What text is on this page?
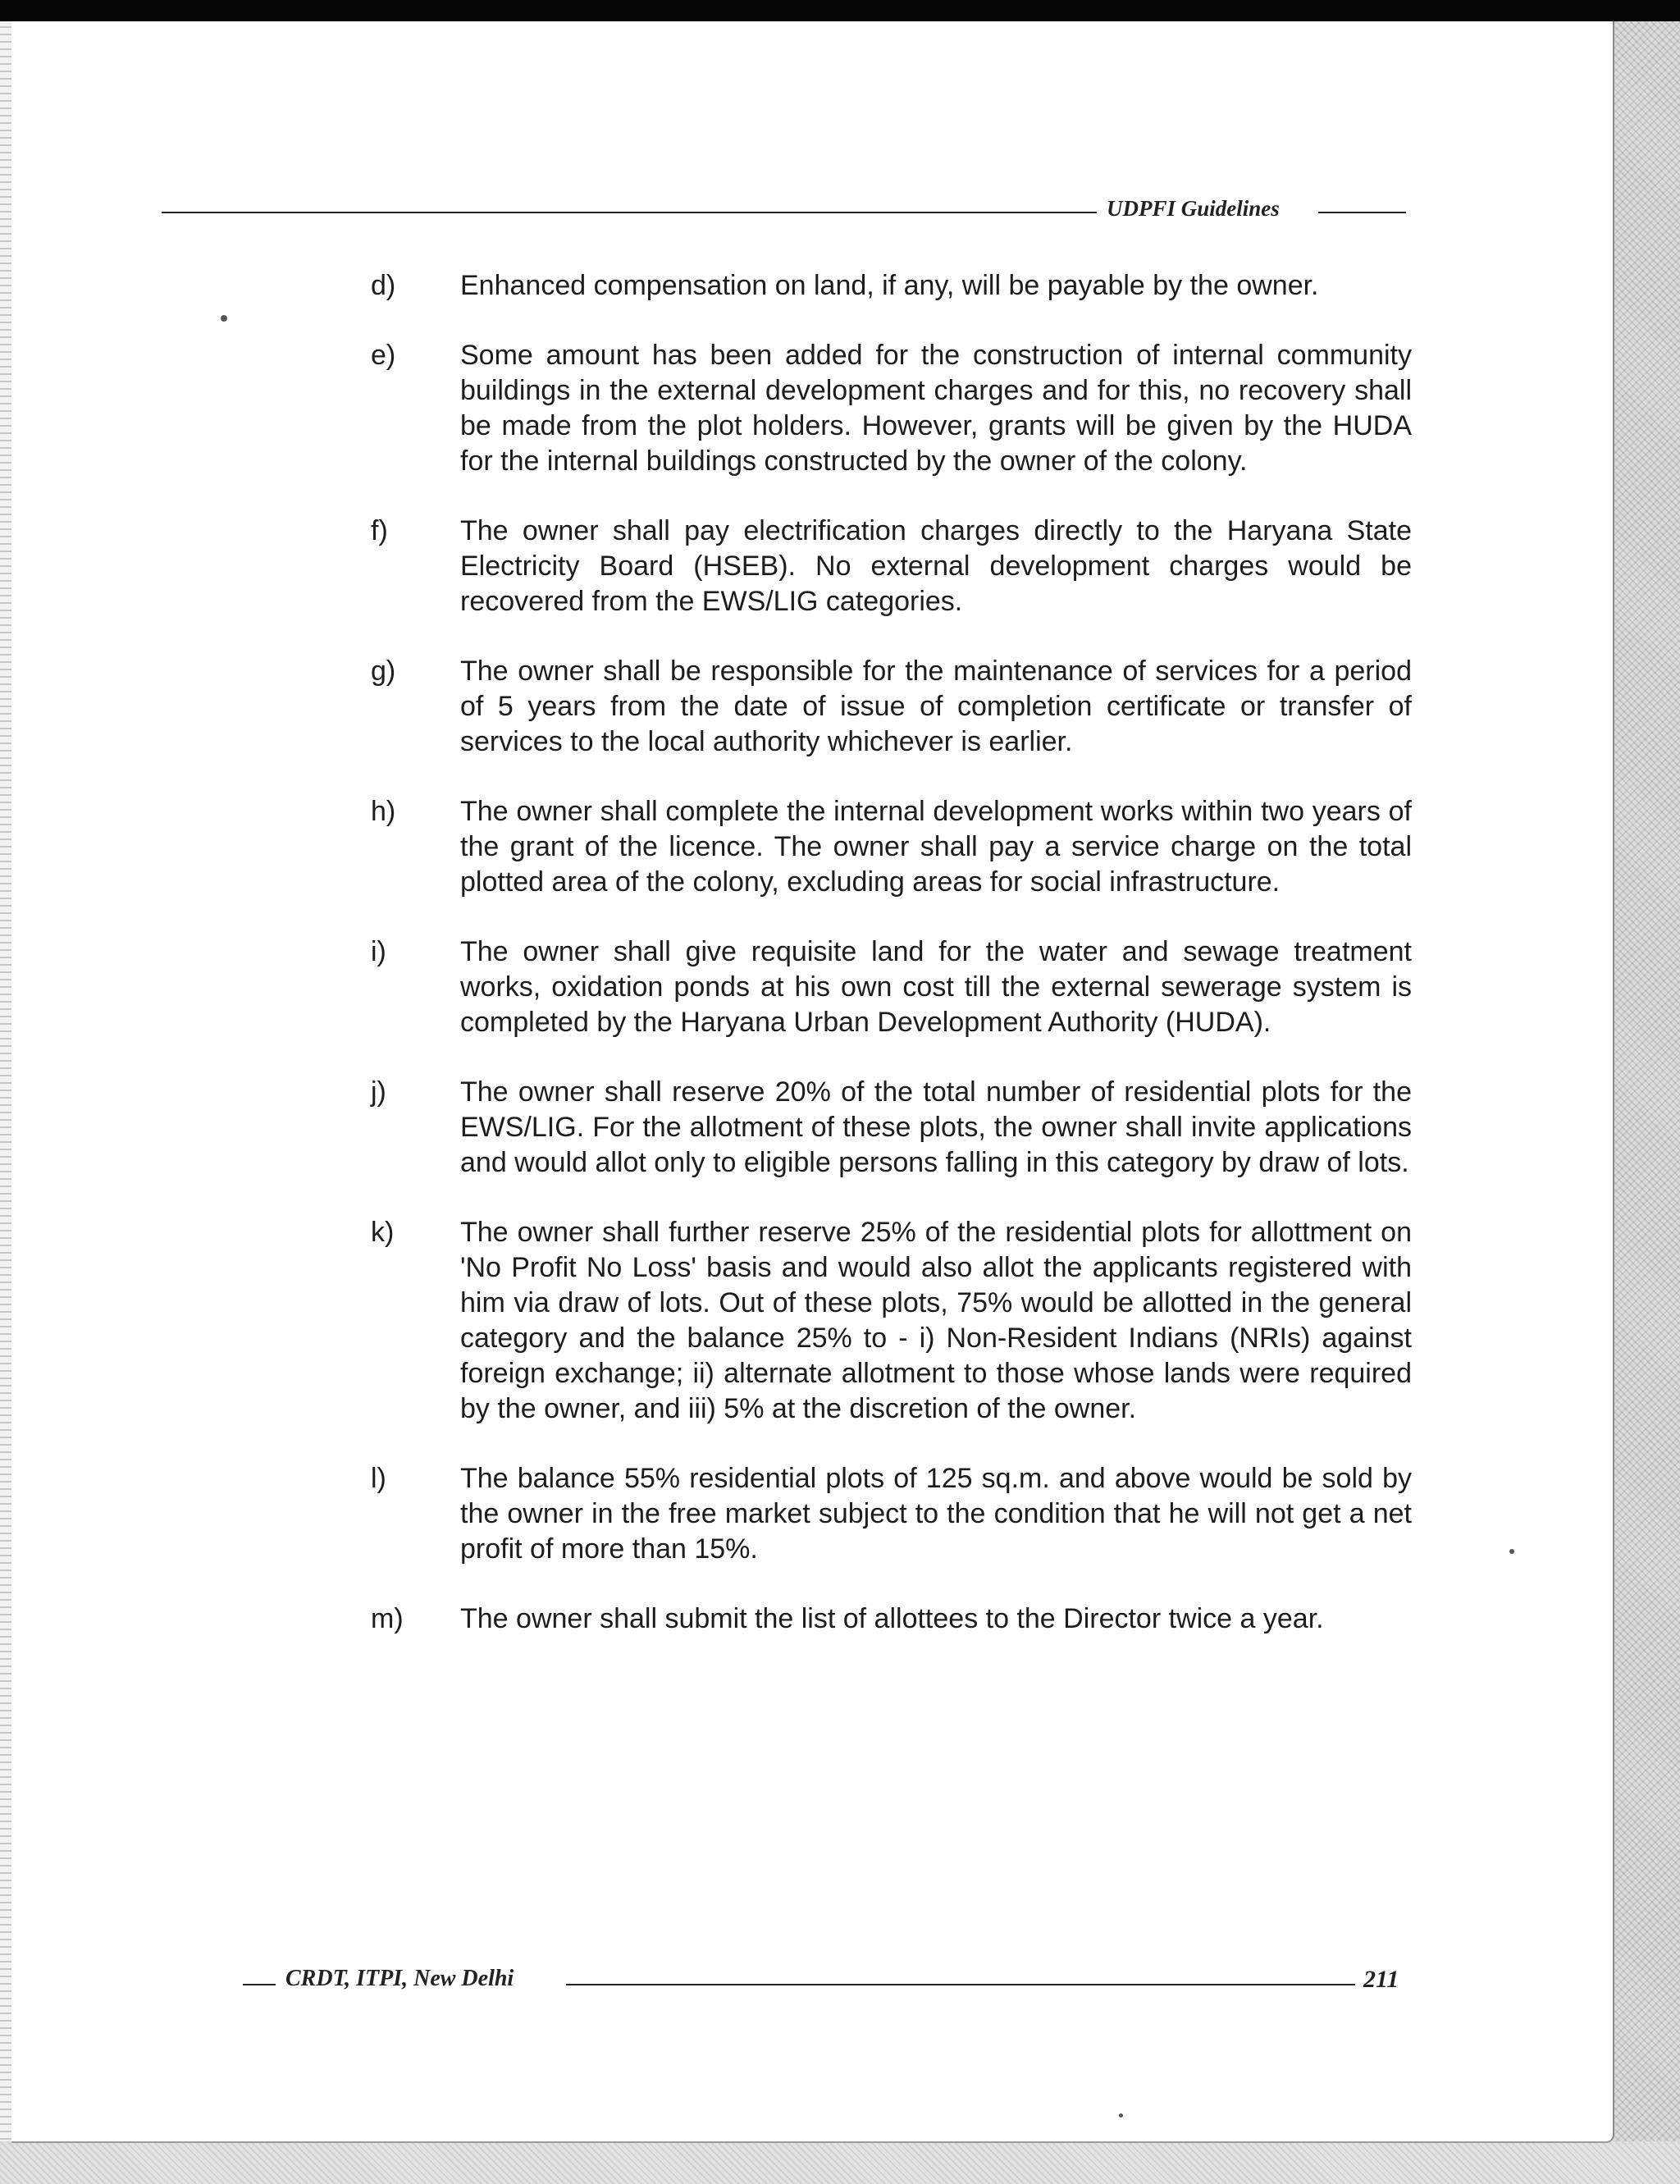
UDPFI Guidelines
d)	Enhanced compensation on land, if any, will be payable by the owner.
e)	Some amount has been added for the construction of internal community buildings in the external development charges and for this, no recovery shall be made from the plot holders. However, grants will be given by the HUDA for the internal buildings constructed by the owner of the colony.
f)	The owner shall pay electrification charges directly to the Haryana State Electricity Board (HSEB). No external development charges would be recovered from the EWS/LIG categories.
g)	The owner shall be responsible for the maintenance of services for a period of 5 years from the date of issue of completion certificate or transfer of services to the local authority whichever is earlier.
h)	The owner shall complete the internal development works within two years of the grant of the licence. The owner shall pay a service charge on the total plotted area of the colony, excluding areas for social infrastructure.
i)	The owner shall give requisite land for the water and sewage treatment works, oxidation ponds at his own cost till the external sewerage system is completed by the Haryana Urban Development Authority (HUDA).
j)	The owner shall reserve 20% of the total number of residential plots for the EWS/LIG. For the allotment of these plots, the owner shall invite applications and would allot only to eligible persons falling in this category by draw of lots.
k)	The owner shall further reserve 25% of the residential plots for allottment on 'No Profit No Loss' basis and would also allot the applicants registered with him via draw of lots. Out of these plots, 75% would be allotted in the general category and the balance 25% to - i) Non-Resident Indians (NRIs) against foreign exchange; ii) alternate allotment to those whose lands were required by the owner, and iii) 5% at the discretion of the owner.
l)	The balance 55% residential plots of 125 sq.m. and above would be sold by the owner in the free market subject to the condition that he will not get a net profit of more than 15%.
m)	The owner shall submit the list of allottees to the Director twice a year.
CRDT, ITPI, New Delhi	211
